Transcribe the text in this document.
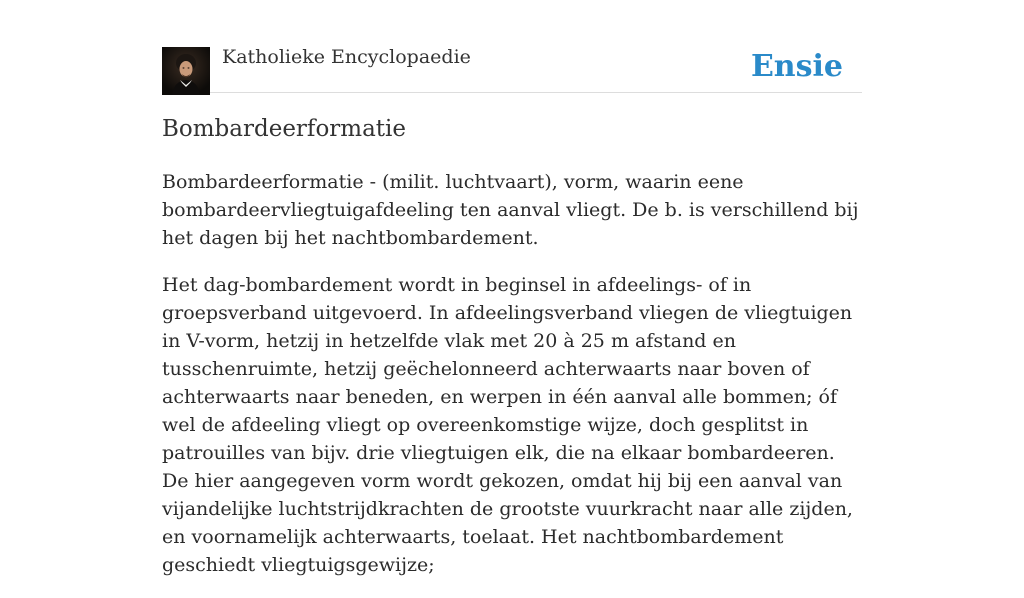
Katholieke Encyclopaedie	Ensie
Bombardeerformatie

Bombardeerformatie - (milit. luchtvaart), vorm, waarin eene bombardeervliegtuigafdeeling ten aanval vliegt. De b. is verschillend bij het dagen bij het nachtbombardement.

Het dag-bombardement wordt in beginsel in afdeelings- of in groepsverband uitgevoerd. In afdeelingsverband vliegen de vliegtuigen in V-vorm, hetzij in hetzelfde vlak met 20 à 25 m afstand en tusschenruimte, hetzij geëchelonneerd achterwaarts naar boven of achterwaarts naar beneden, en werpen in één aanval alle bommen; óf wel de afdeeling vliegt op overeenkomstige wijze, doch gesplitst in patrouilles van bijv. drie vliegtuigen elk, die na elkaar bombardeeren. De hier aangegeven vorm wordt gekozen, omdat hij bij een aanval van vijandelijke luchtstrijdkrachten de grootste vuurkracht naar alle zijden, en voornamelijk achterwaarts, toelaat. Het nachtbombardement geschiedt vliegtuigsgewijze;
